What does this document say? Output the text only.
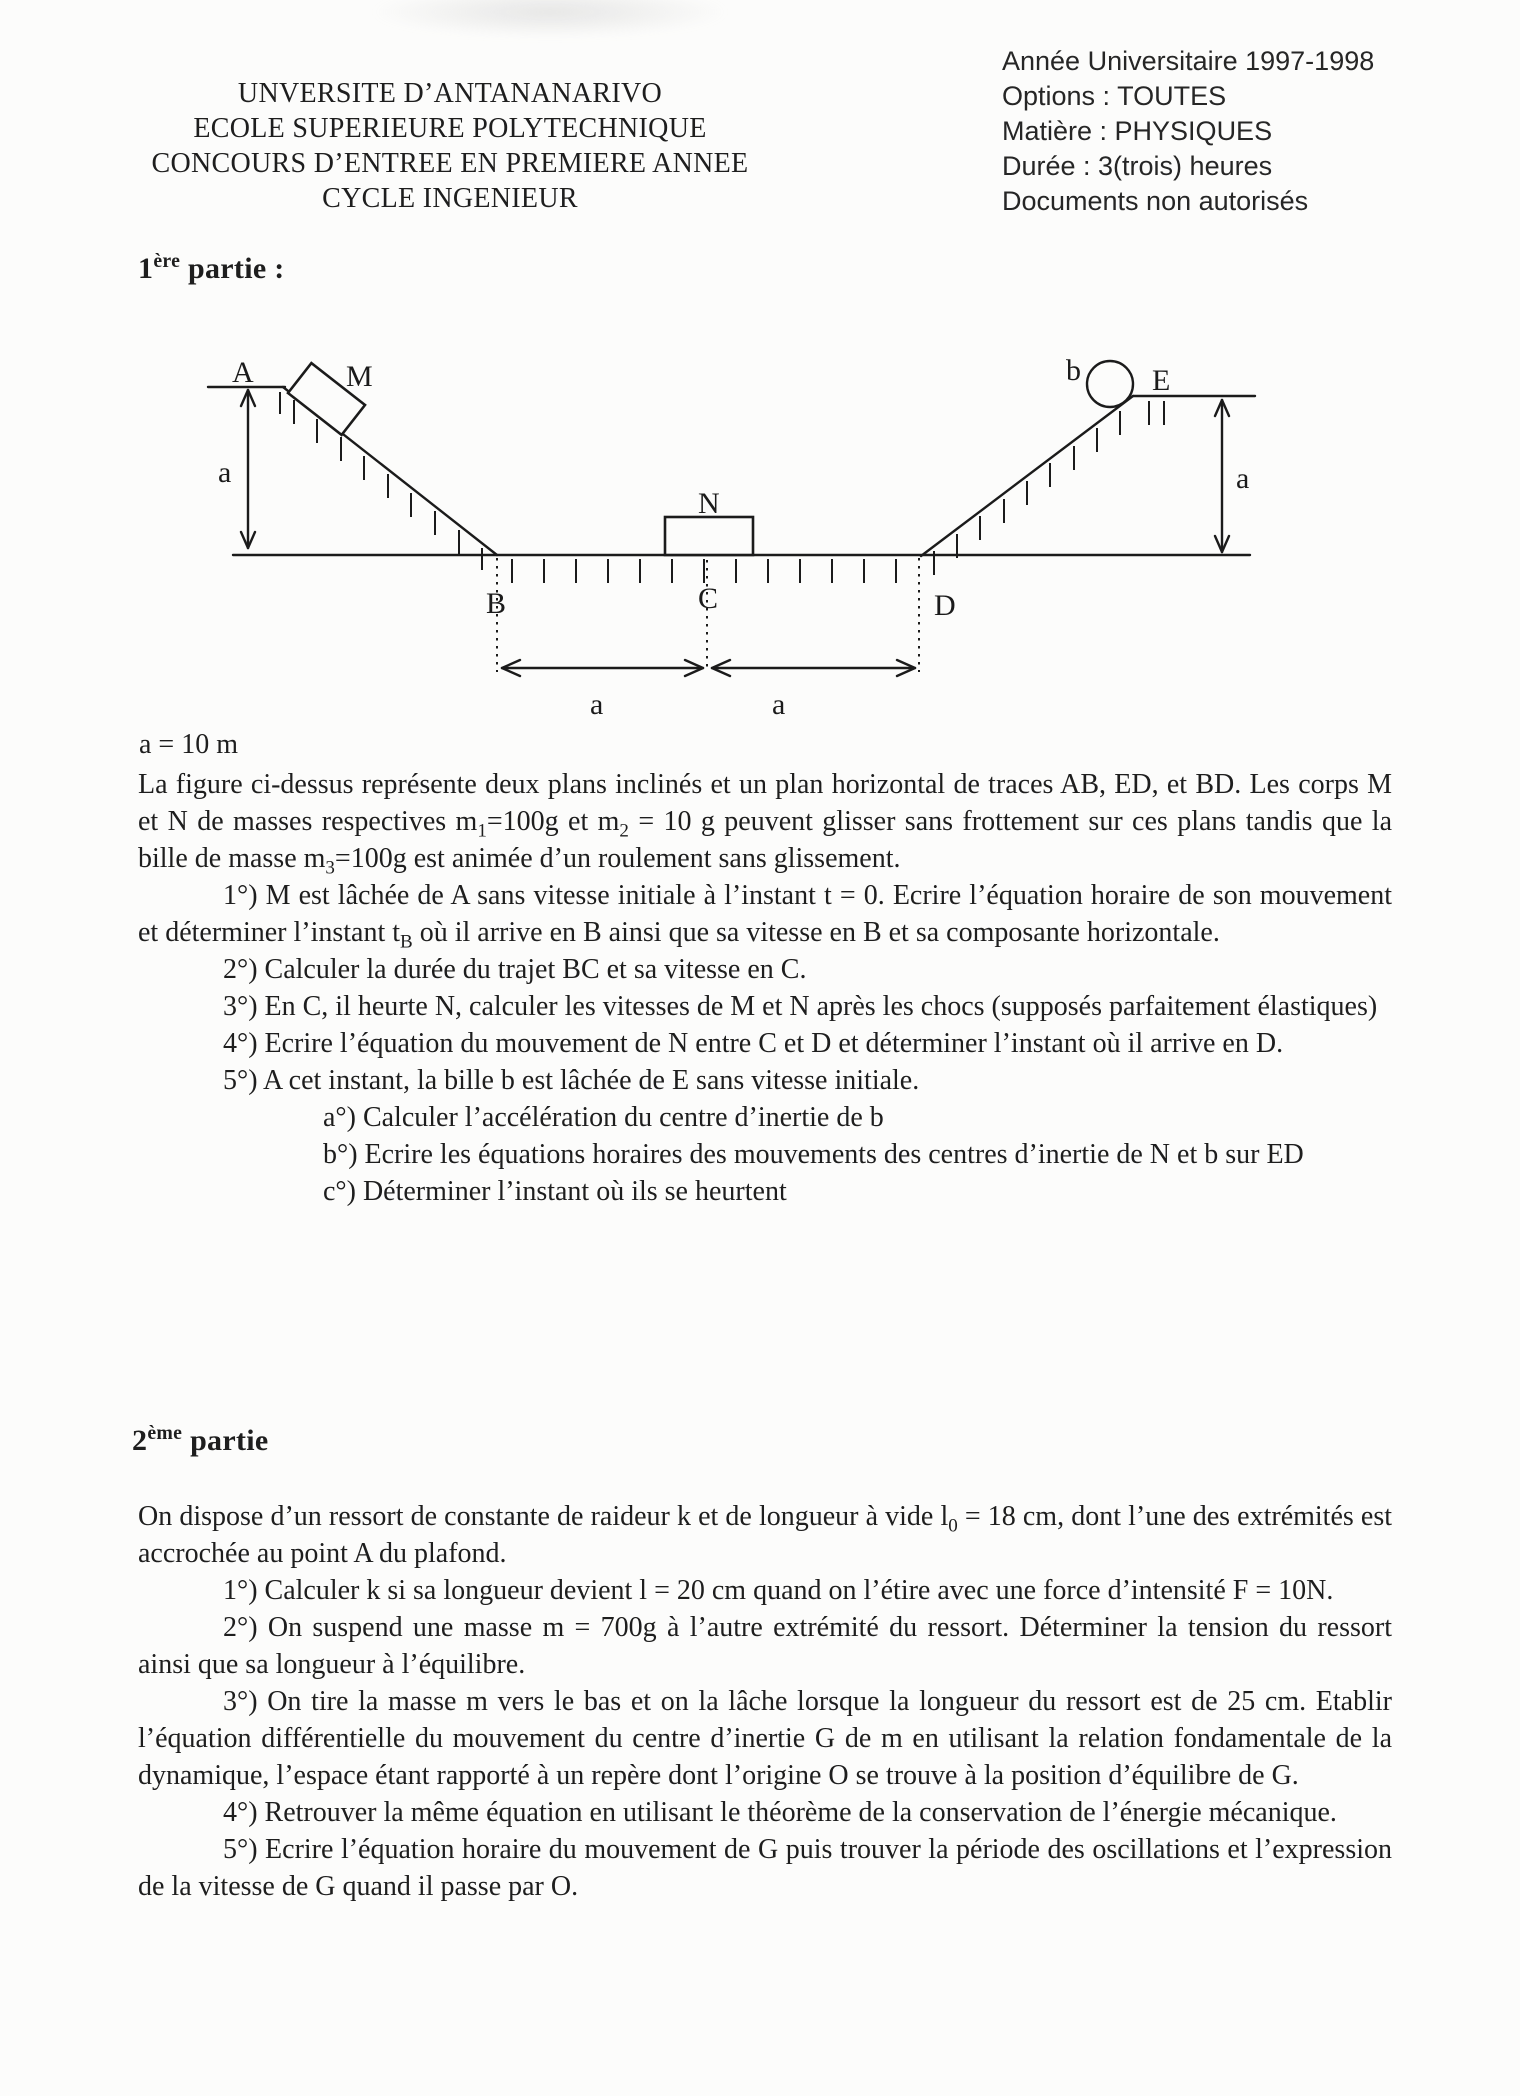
UNVERSITE D’ANTANANARIVO
ECOLE SUPERIEURE POLYTECHNIQUE
CONCOURS D’ENTREE EN PREMIERE ANNEE
CYCLE INGENIEUR
Année Universitaire 1997-1998
Options : TOUTES
Matière : PHYSIQUES
Durée : 3(trois) heures
Documents non autorisés
1ère partie :
A	M
a
N
B	C	D
b E
a
a	a
a = 10 m

La figure ci-dessus représente deux plans inclinés et un plan horizontal de traces AB, ED, et BD. Les corps M et N de masses respectives $m_1=100g$ et $m_2 = 10$ g peuvent glisser sans frottement sur ces plans tandis que la bille de masse $m_3=100g$ est animée d’un roulement sans glissement.

1°) M est lâchée de A sans vitesse initiale à l’instant t = 0. Ecrire l’équation horaire de son mouvement et déterminer l’instant $t_B$ où il arrive en B ainsi que sa vitesse en B et sa composante horizontale.

2°) Calculer la durée du trajet BC et sa vitesse en C.

3°) En C, il heurte N, calculer les vitesses de M et N après les chocs (supposés parfaitement élastiques)

4°) Ecrire l’équation du mouvement de N entre C et D et déterminer l’instant où il arrive en D.

5°) A cet instant, la bille b est lâchée de E sans vitesse initiale.

a°) Calculer l’accélération du centre d’inertie de b

b°) Ecrire les équations horaires des mouvements des centres d’inertie de N et b sur ED

c°) Déterminer l’instant où ils se heurtent

2ème partie

On dispose d’un ressort de constante de raideur k et de longueur à vide $l_0 = 18$ cm, dont l’une des extrémités est accrochée au point A du plafond.

1°) Calculer k si sa longueur devient l = 20 cm quand on l’étire avec une force d’intensité F = 10N.

2°) On suspend une masse m = 700g à l’autre extrémité du ressort. Déterminer la tension du ressort ainsi que sa longueur à l’équilibre.

3°) On tire la masse m vers le bas et on la lâche lorsque la longueur du ressort est de 25 cm. Etablir l’équation différentielle du mouvement du centre d’inertie G de m en utilisant la relation fondamentale de la dynamique, l’espace étant rapporté à un repère dont l’origine O se trouve à la position d’équilibre de G.

4°) Retrouver la même équation en utilisant le théorème de la conservation de l’énergie mécanique.

5°) Ecrire l’équation horaire du mouvement de G puis trouver la période des oscillations et l’expression de la vitesse de G quand il passe par O.
